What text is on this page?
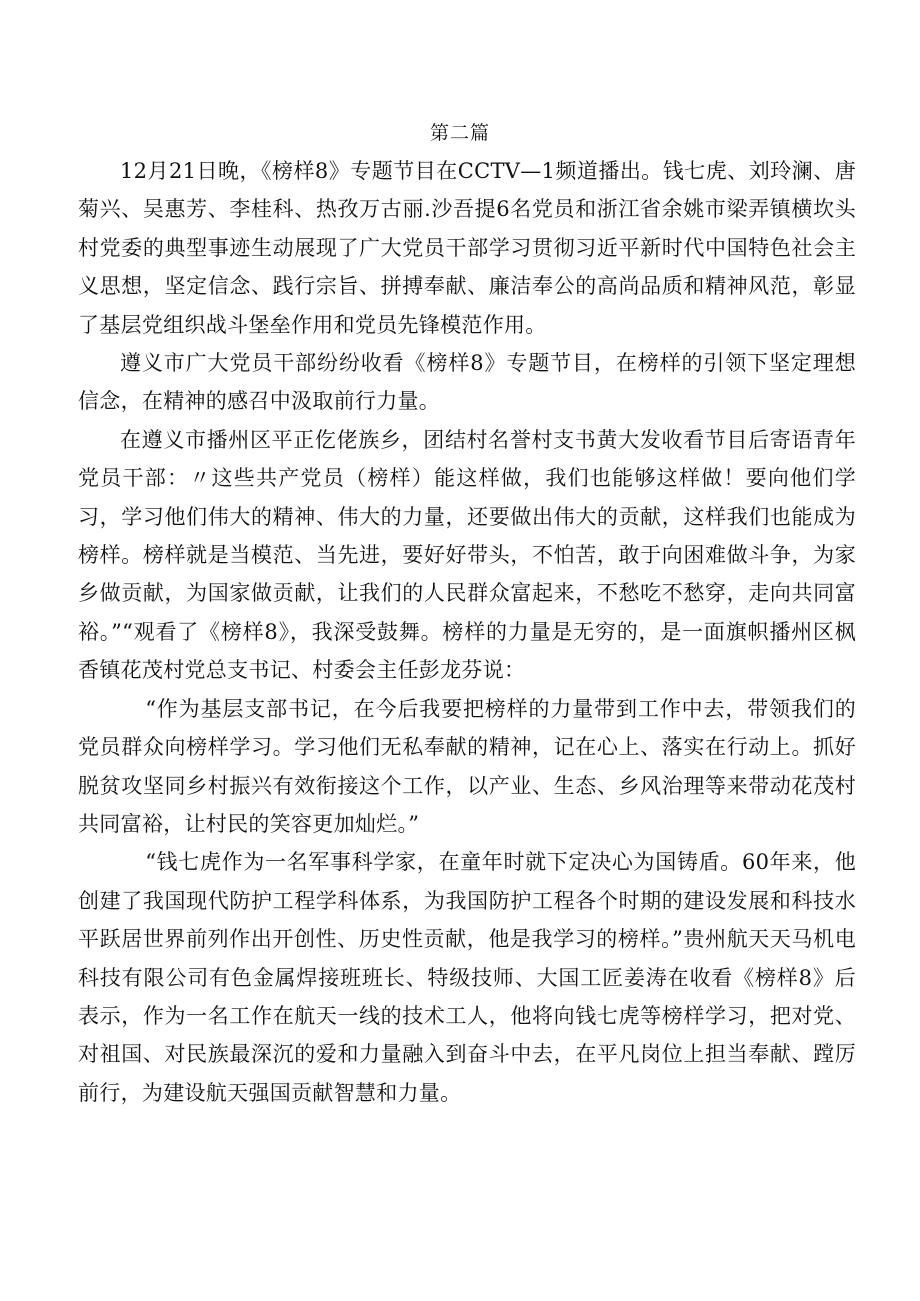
第二篇

12月21日晚，《榜样8》专题节目在CCTV—1频道播出。钱七虎、刘玲澜、唐菊兴、吴惠芳、李桂科、热孜万古丽.沙吾提6名党员和浙江省余姚市梁弄镇横坎头村党委的典型事迹生动展现了广大党员干部学习贯彻习近平新时代中国特色社会主义思想，坚定信念、践行宗旨、拼搏奉献、廉洁奉公的高尚品质和精神风范，彰显了基层党组织战斗堡垒作用和党员先锋模范作用。

遵义市广大党员干部纷纷收看《榜样8》专题节目，在榜样的引领下坚定理想信念，在精神的感召中汲取前行力量。

在遵义市播州区平正仡佬族乡，团结村名誉村支书黄大发收看节目后寄语青年党员干部：〃这些共产党员（榜样）能这样做，我们也能够这样做！要向他们学习，学习他们伟大的精神、伟大的力量，还要做出伟大的贡献，这样我们也能成为榜样。榜样就是当模范、当先进，要好好带头，不怕苦，敢于向困难做斗争，为家乡做贡献，为国家做贡献，让我们的人民群众富起来，不愁吃不愁穿，走向共同富裕。”“观看了《榜样8》，我深受鼓舞。榜样的力量是无穷的，是一面旗帜播州区枫香镇花茂村党总支书记、村委会主任彭龙芬说：

“作为基层支部书记，在今后我要把榜样的力量带到工作中去，带领我们的党员群众向榜样学习。学习他们无私奉献的精神，记在心上、落实在行动上。抓好脱贫攻坚同乡村振兴有效衔接这个工作，以产业、生态、乡风治理等来带动花茂村共同富裕，让村民的笑容更加灿烂。”

“钱七虎作为一名军事科学家，在童年时就下定决心为国铸盾。60年来，他创建了我国现代防护工程学科体系，为我国防护工程各个时期的建设发展和科技水平跃居世界前列作出开创性、历史性贡献，他是我学习的榜样。”贵州航天天马机电科技有限公司有色金属焊接班班长、特级技师、大国工匠姜涛在收看《榜样8》后表示，作为一名工作在航天一线的技术工人，他将向钱七虎等榜样学习，把对党、对祖国、对民族最深沉的爱和力量融入到奋斗中去，在平凡岗位上担当奉献、蹚厉前行，为建设航天强国贡献智慧和力量。
